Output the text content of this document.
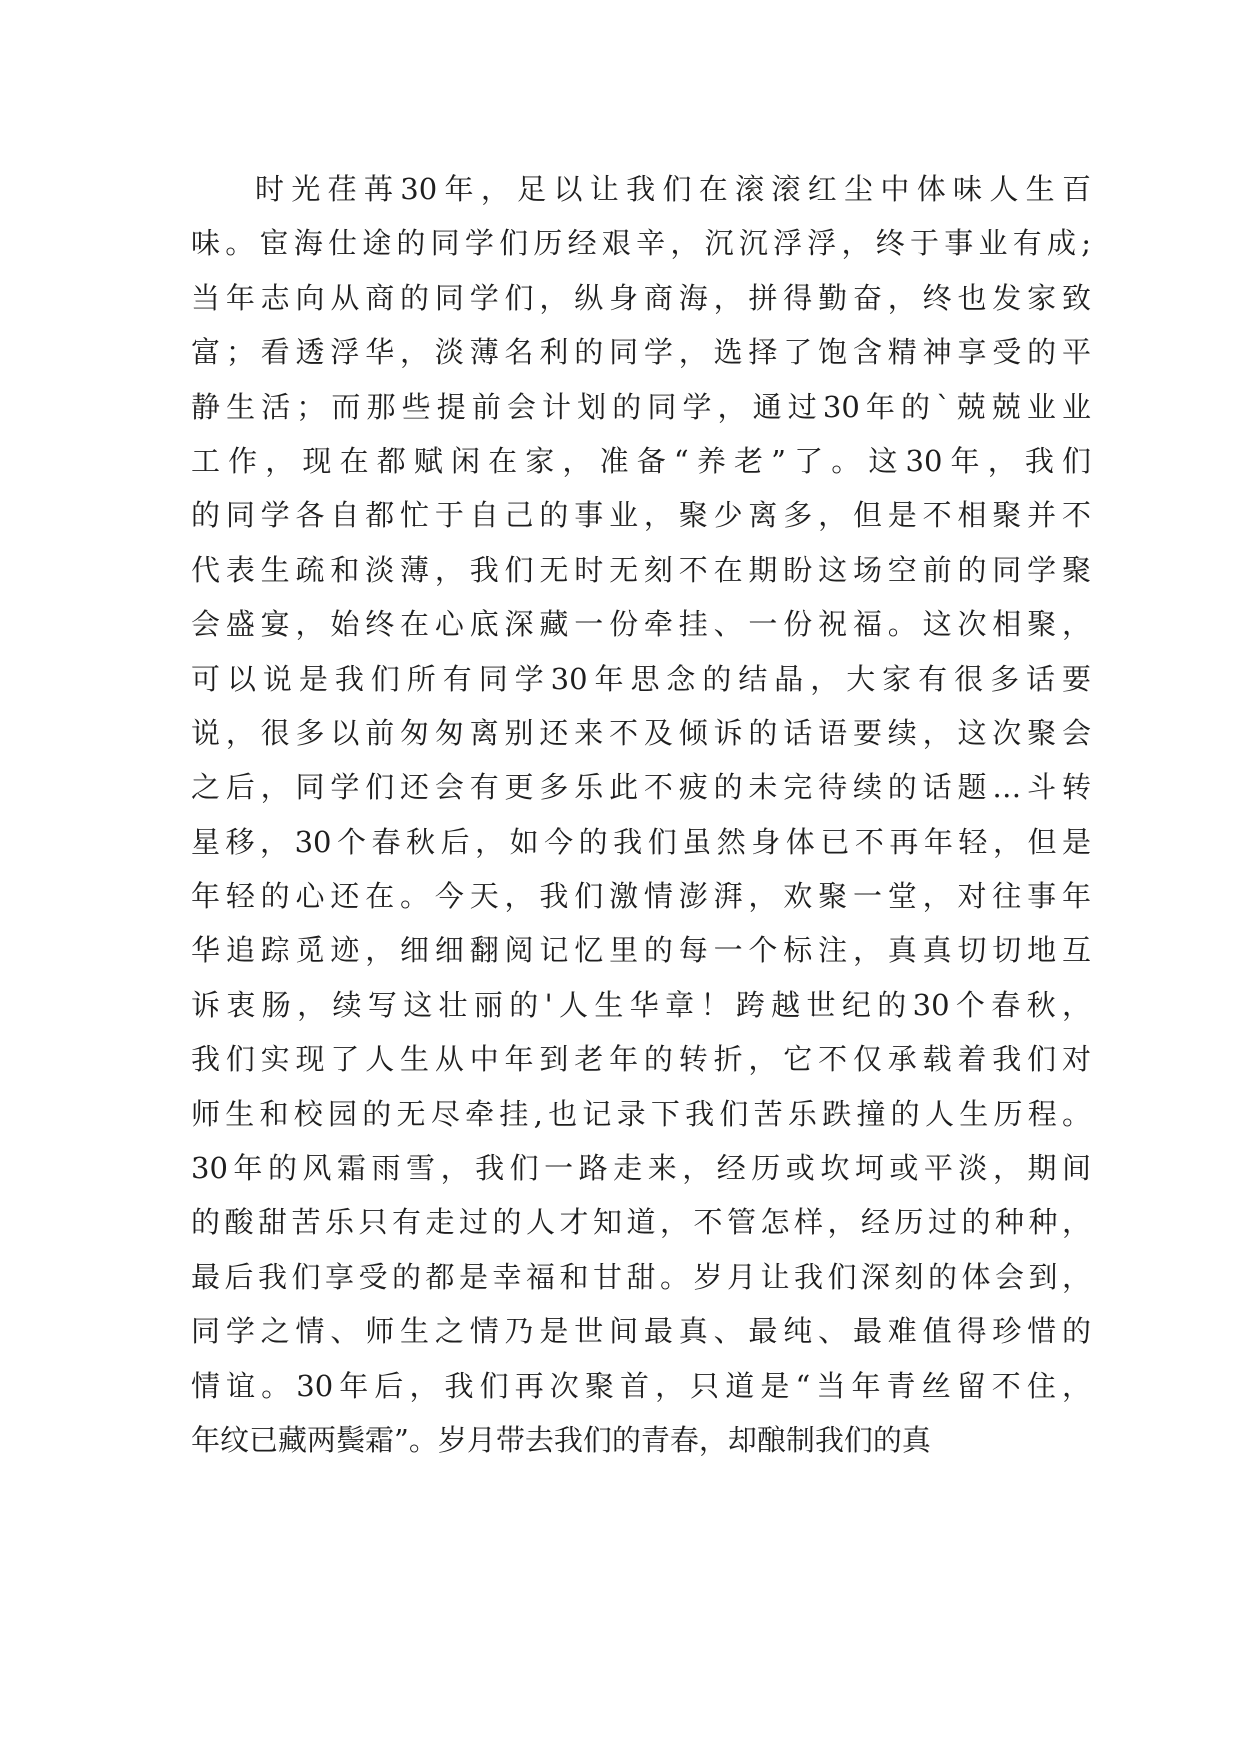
时光荏苒30年，足以让我们在滚滚红尘中体味人生百
味。宦海仕途的同学们历经艰辛，沉沉浮浮，终于事业有成;
当年志向从商的同学们，纵身商海，拼得勤奋，终也发家致
富；看透浮华，淡薄名利的同学，选择了饱含精神享受的平
静生活；而那些提前会计划的同学，通过30年的`兢兢业业
工作，现在都赋闲在家，准备“养老”了。这30年，我们
的同学各自都忙于自己的事业，聚少离多，但是不相聚并不
代表生疏和淡薄，我们无时无刻不在期盼这场空前的同学聚
会盛宴，始终在心底深藏一份牵挂、一份祝福。这次相聚，
可以说是我们所有同学30年思念的结晶，大家有很多话要
说，很多以前匆匆离别还来不及倾诉的话语要续，这次聚会
之后，同学们还会有更多乐此不疲的未完待续的话题…斗转
星移，30个春秋后，如今的我们虽然身体已不再年轻，但是
年轻的心还在。今天，我们激情澎湃，欢聚一堂，对往事年
华追踪觅迹，细细翻阅记忆里的每一个标注，真真切切地互
诉衷肠，续写这壮丽的'人生华章！跨越世纪的30个春秋，
我们实现了人生从中年到老年的转折，它不仅承载着我们对
师生和校园的无尽牵挂,也记录下我们苦乐跌撞的人生历程。
30年的风霜雨雪，我们一路走来，经历或坎坷或平淡，期间
的酸甜苦乐只有走过的人才知道，不管怎样，经历过的种种，
最后我们享受的都是幸福和甘甜。岁月让我们深刻的体会到，
同学之情、师生之情乃是世间最真、最纯、最难值得珍惜的
情谊。30年后，我们再次聚首，只道是“当年青丝留不住，
年纹已藏两鬓霜”。岁月带去我们的青春，却酿制我们的真
